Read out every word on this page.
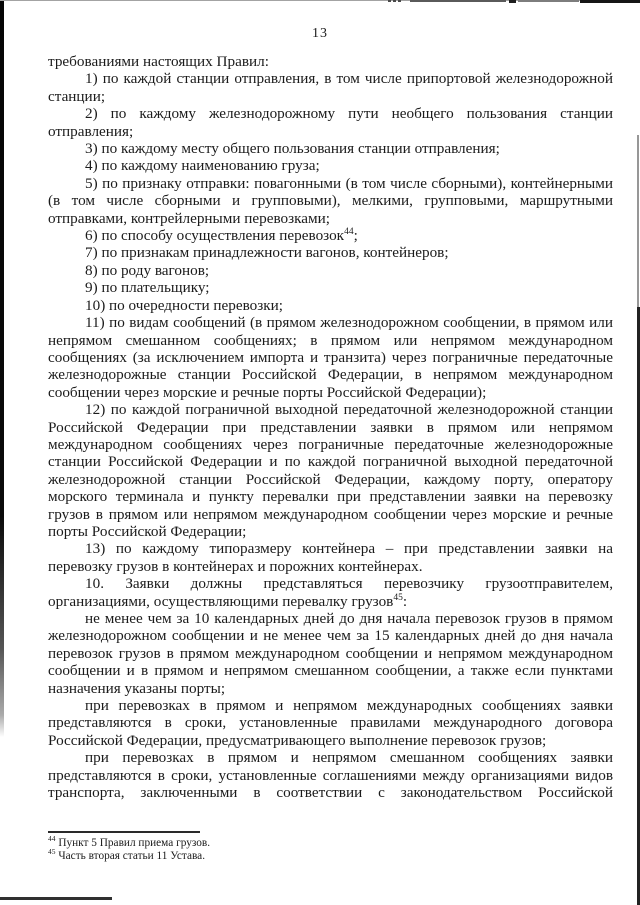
13

требованиями настоящих Правил:

1) по каждой станции отправления, в том числе припортовой железнодорожной станции;

2) по каждому железнодорожному пути необщего пользования станции отправления;

3) по каждому месту общего пользования станции отправления;

4) по каждому наименованию груза;

5) по признаку отправки: повагонными (в том числе сборными), контейнерными (в том числе сборными и групповыми), мелкими, групповыми, маршрутными отправками, контрейлерными перевозками;

6) по способу осуществления перевозок$^{44}$;

7) по признакам принадлежности вагонов, контейнеров;

8) по роду вагонов;

9) по плательщику;

10) по очередности перевозки;

11) по видам сообщений (в прямом железнодорожном сообщении, в прямом или непрямом смешанном сообщениях; в прямом или непрямом международном сообщениях (за исключением импорта и транзита) через пограничные передаточные железнодорожные станции Российской Федерации, в непрямом международном сообщении через морские и речные порты Российской Федерации);

12) по каждой пограничной выходной передаточной железнодорожной станции Российской Федерации при представлении заявки в прямом или непрямом международном сообщениях через пограничные передаточные железнодорожные станции Российской Федерации и по каждой пограничной выходной передаточной железнодорожной станции Российской Федерации, каждому порту, оператору морского терминала и пункту перевалки при представлении заявки на перевозку грузов в прямом или непрямом международном сообщении через морские и речные порты Российской Федерации;

13) по каждому типоразмеру контейнера – при представлении заявки на перевозку грузов в контейнерах и порожних контейнерах.

10. Заявки должны представляться перевозчику грузоотправителем, организациями, осуществляющими перевалку грузов$^{45}$:

не менее чем за 10 календарных дней до дня начала перевозок грузов в прямом железнодорожном сообщении и не менее чем за 15 календарных дней до дня начала перевозок грузов в прямом международном сообщении и непрямом международном сообщении и в прямом и непрямом смешанном сообщении, а также если пунктами назначения указаны порты;

при перевозках в прямом и непрямом международных сообщениях заявки представляются в сроки, установленные правилами международного договора Российской Федерации, предусматривающего выполнение перевозок грузов;

при перевозках в прямом и непрямом смешанном сообщениях заявки представляются в сроки, установленные соглашениями между организациями видов транспорта, заключенными в соответствии с законодательством Российской

$^{44}$ Пункт 5 Правил приема грузов.
$^{45}$ Часть вторая статьи 11 Устава.
